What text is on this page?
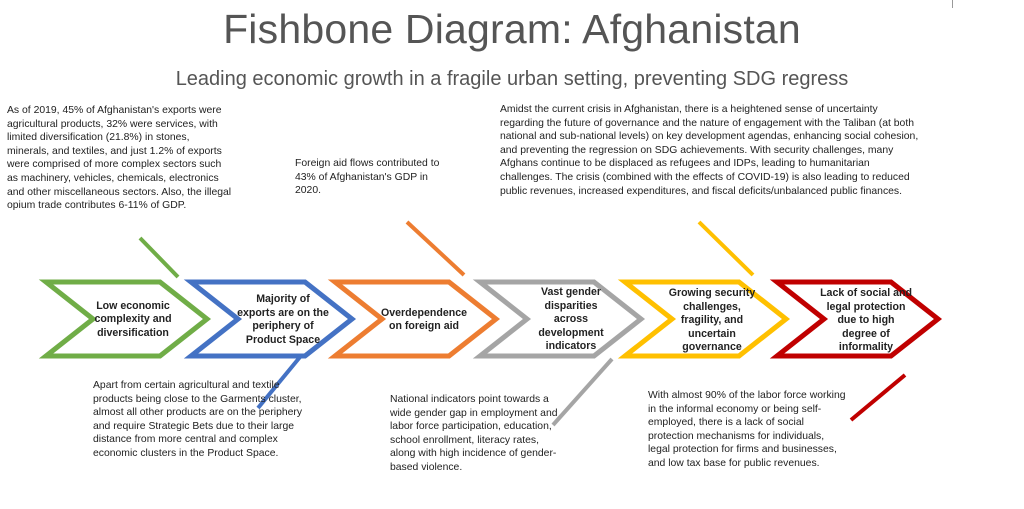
Fishbone Diagram: Afghanistan
Leading economic growth in a fragile urban setting, preventing SDG regress
Low economic complexity and diversification
Majority of exports are on the periphery of Product Space
Overdependence on foreign aid
Vast gender disparities across development indicators
Growing security challenges, fragility, and uncertain governance
Lack of social and legal protection due to high degree of informality
As of 2019, 45% of Afghanistan's exports were agricultural products, 32% were services, with limited diversification (21.8%) in stones, minerals, and textiles, and just 1.2% of exports were comprised of more complex sectors such as machinery, vehicles, chemicals, electronics and other miscellaneous sectors. Also, the illegal opium trade contributes 6-11% of GDP.
Foreign aid flows contributed to 43% of Afghanistan's GDP in 2020.
Amidst the current crisis in Afghanistan, there is a heightened sense of uncertainty regarding the future of governance and the nature of engagement with the Taliban (at both national and sub-national levels) on key development agendas, enhancing social cohesion, and preventing the regression on SDG achievements. With security challenges, many Afghans continue to be displaced as refugees and IDPs, leading to humanitarian challenges. The crisis (combined with the effects of COVID-19) is also leading to reduced public revenues, increased expenditures, and fiscal deficits/unbalanced public finances.
Apart from certain agricultural and textile products being close to the Garments cluster, almost all other products are on the periphery and require Strategic Bets due to their large distance from more central and complex economic clusters in the Product Space.
National indicators point towards a wide gender gap in employment and labor force participation, education, school enrollment, literacy rates, along with high incidence of gender-based violence.
With almost 90% of the labor force working in the informal economy or being self-employed, there is a lack of social protection mechanisms for individuals, legal protection for firms and businesses, and low tax base for public revenues.
